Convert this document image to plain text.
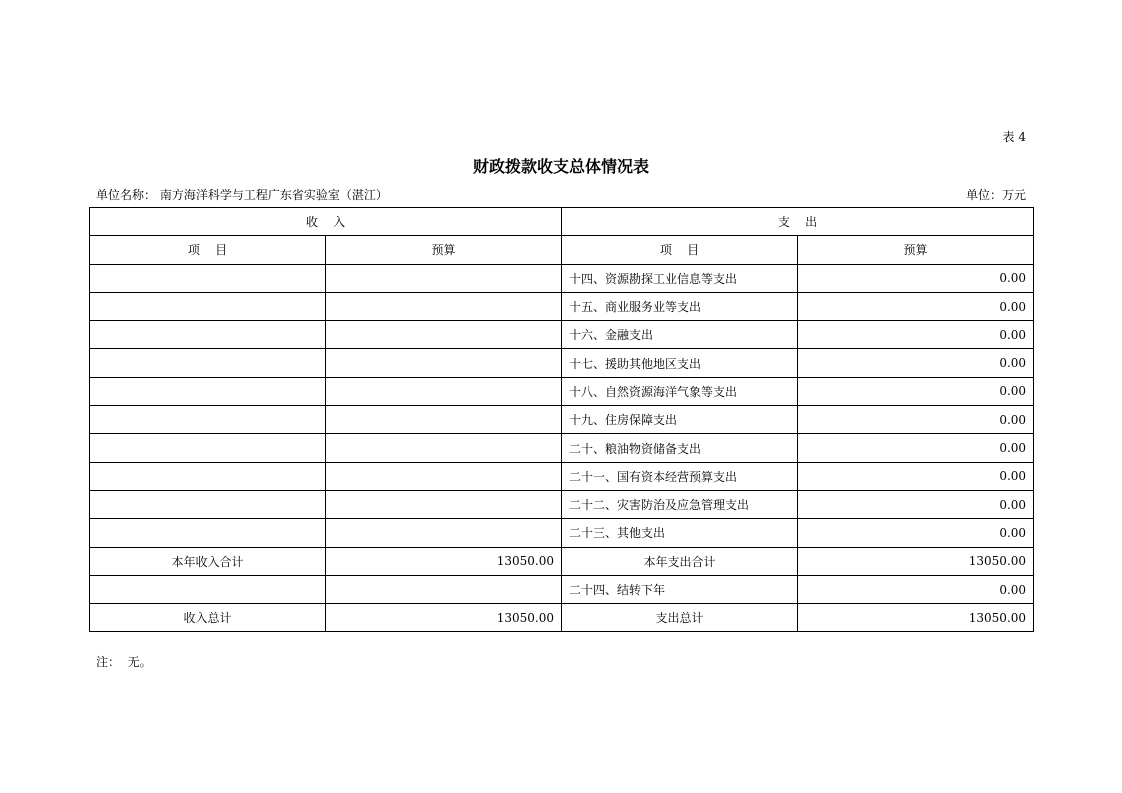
表 4
财政拨款收支总体情况表
单位名称： 南方海洋科学与工程广东省实验室（湛江）	单位：万元
收    入		支    出	
项    目	预算	项    目	预算
		十四、资源勘探工业信息等支出	0.00
		十五、商业服务业等支出	0.00
		十六、金融支出	0.00
		十七、援助其他地区支出	0.00
		十八、自然资源海洋气象等支出	0.00
		十九、住房保障支出	0.00
		二十、粮油物资储备支出	0.00
		二十一、国有资本经营预算支出	0.00
		二十二、灾害防治及应急管理支出	0.00
		二十三、其他支出	0.00
本年收入合计	13050.00	本年支出合计	13050.00
		二十四、结转下年	0.00
收入总计	13050.00	支出总计	13050.00
注：  无。
